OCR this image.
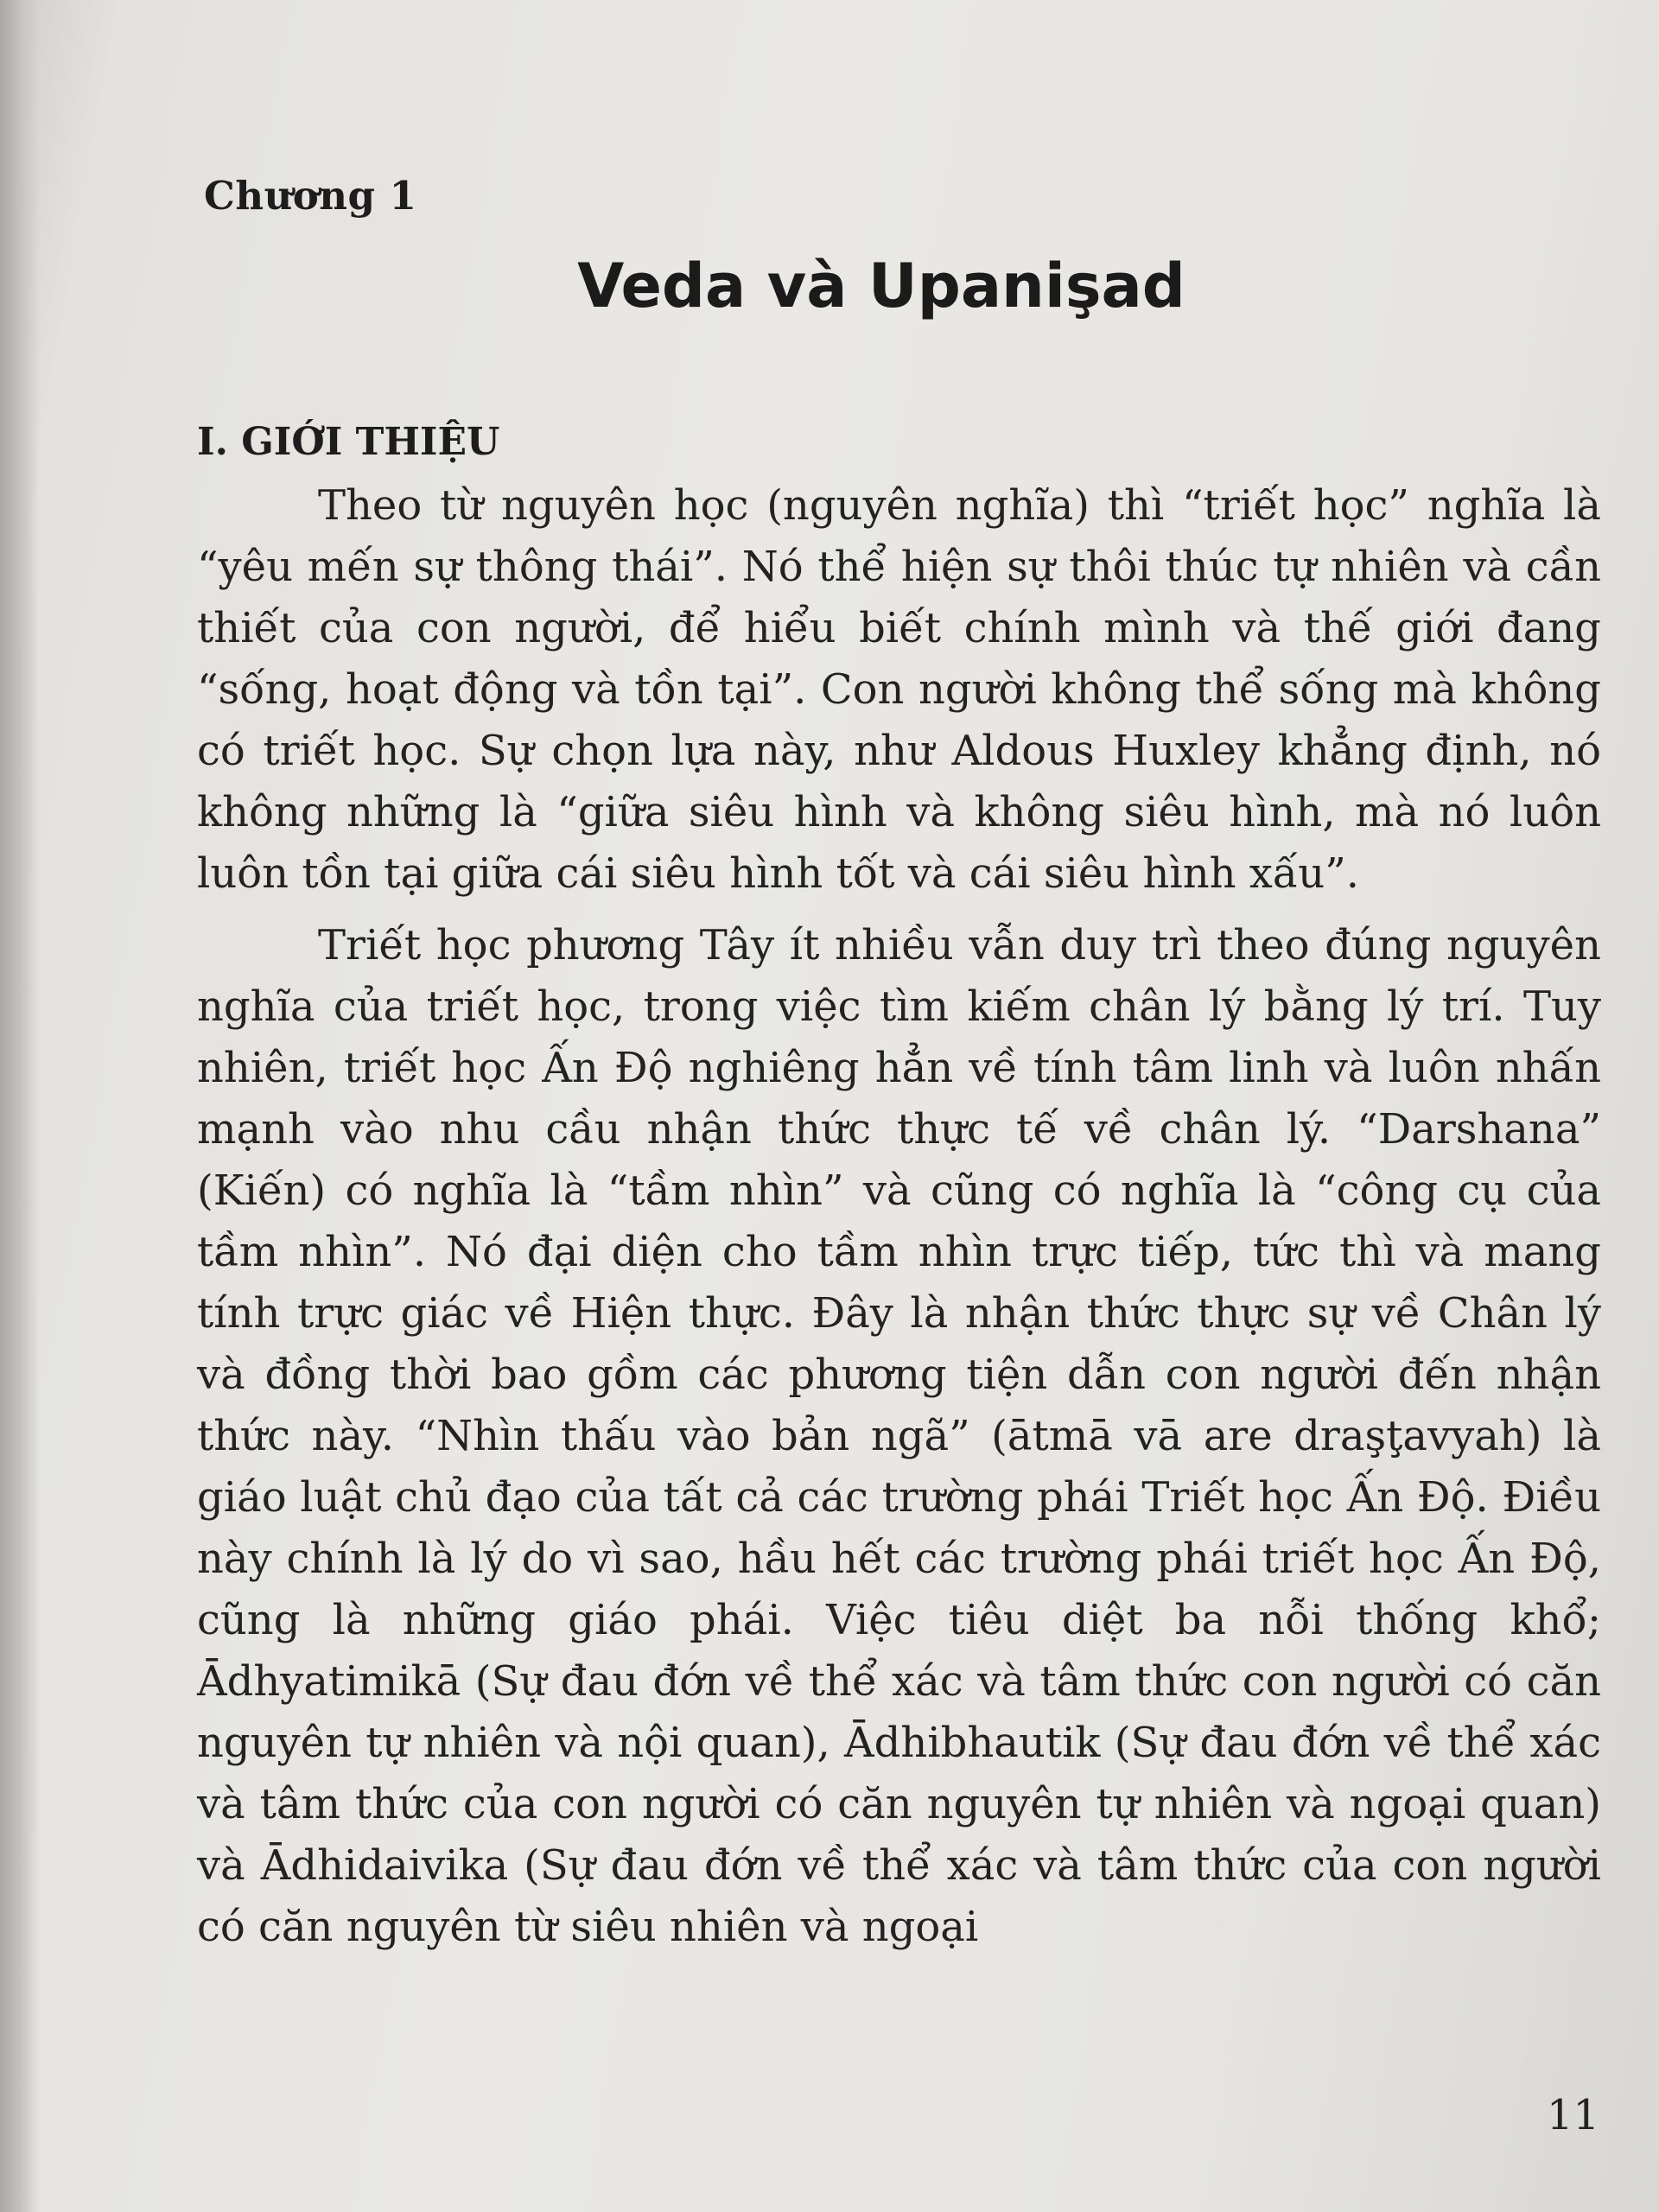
Chương 1
Veda và Upanişad
I. GIỚI THIỆU

Theo từ nguyên học (nguyên nghĩa) thì “triết học” nghĩa là “yêu mến sự thông thái”. Nó thể hiện sự thôi thúc tự nhiên và cần thiết của con người, để hiểu biết chính mình và thế giới đang “sống, hoạt động và tồn tại”. Con người không thể sống mà không có triết học. Sự chọn lựa này, như Aldous Huxley khẳng định, nó không những là “giữa siêu hình và không siêu hình, mà nó luôn luôn tồn tại giữa cái siêu hình tốt và cái siêu hình xấu”.

Triết học phương Tây ít nhiều vẫn duy trì theo đúng nguyên nghĩa của triết học, trong việc tìm kiếm chân lý bằng lý trí. Tuy nhiên, triết học Ấn Độ nghiêng hẳn về tính tâm linh và luôn nhấn mạnh vào nhu cầu nhận thức thực tế về chân lý. “Darshana” (Kiến) có nghĩa là “tầm nhìn” và cũng có nghĩa là “công cụ của tầm nhìn”. Nó đại diện cho tầm nhìn trực tiếp, tức thì và mang tính trực giác về Hiện thực. Đây là nhận thức thực sự về Chân lý và đồng thời bao gồm các phương tiện dẫn con người đến nhận thức này. “Nhìn thấu vào bản ngã” (ātmā vā are draşţavyah) là giáo luật chủ đạo của tất cả các trường phái Triết học Ấn Độ. Điều này chính là lý do vì sao, hầu hết các trường phái triết học Ấn Độ, cũng là những giáo phái. Việc tiêu diệt ba nỗi thống khổ; Ādhyatimikā (Sự đau đớn về thể xác và tâm thức con người có căn nguyên tự nhiên và nội quan), Ādhibhautik (Sự đau đớn về thể xác và tâm thức của con người có căn nguyên tự nhiên và ngoại quan) và Ādhidaivika (Sự đau đớn về thể xác và tâm thức của con người có căn nguyên từ siêu nhiên và ngoại

11
